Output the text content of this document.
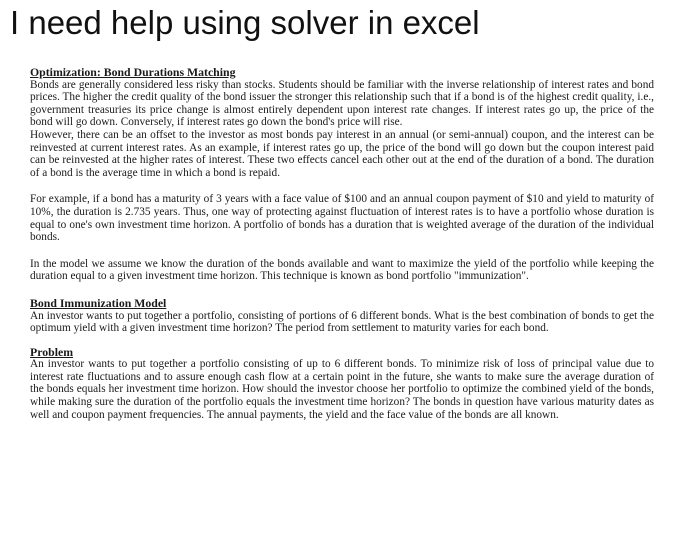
I need help using solver in excel

Optimization: Bond Durations Matching

Bonds are generally considered less risky than stocks. Students should be familiar with the inverse relationship of interest rates and bond prices. The higher the credit quality of the bond issuer the stronger this relationship such that if a bond is of the highest credit quality, i.e., government treasuries its price change is almost entirely dependent upon interest rate changes. If interest rates go up, the price of the bond will go down. Conversely, if interest rates go down the bond's price will rise.

However, there can be an offset to the investor as most bonds pay interest in an annual (or semi-annual) coupon, and the interest can be reinvested at current interest rates. As an example, if interest rates go up, the price of the bond will go down but the coupon interest paid can be reinvested at the higher rates of interest. These two effects cancel each other out at the end of the duration of a bond. The duration of a bond is the average time in which a bond is repaid.

For example, if a bond has a maturity of 3 years with a face value of $100 and an annual coupon payment of $10 and yield to maturity of 10%, the duration is 2.735 years. Thus, one way of protecting against fluctuation of interest rates is to have a portfolio whose duration is equal to one's own investment time horizon. A portfolio of bonds has a duration that is weighted average of the duration of the individual bonds.

In the model we assume we know the duration of the bonds available and want to maximize the yield of the portfolio while keeping the duration equal to a given investment time horizon. This technique is known as bond portfolio "immunization".

Bond Immunization Model

An investor wants to put together a portfolio, consisting of portions of 6 different bonds. What is the best combination of bonds to get the optimum yield with a given investment time horizon? The period from settlement to maturity varies for each bond.

Problem

An investor wants to put together a portfolio consisting of up to 6 different bonds. To minimize risk of loss of principal value due to interest rate fluctuations and to assure enough cash flow at a certain point in the future, she wants to make sure the average duration of the bonds equals her investment time horizon. How should the investor choose her portfolio to optimize the combined yield of the bonds, while making sure the duration of the portfolio equals the investment time horizon? The bonds in question have various maturity dates as well and coupon payment frequencies. The annual payments, the yield and the face value of the bonds are all known.
